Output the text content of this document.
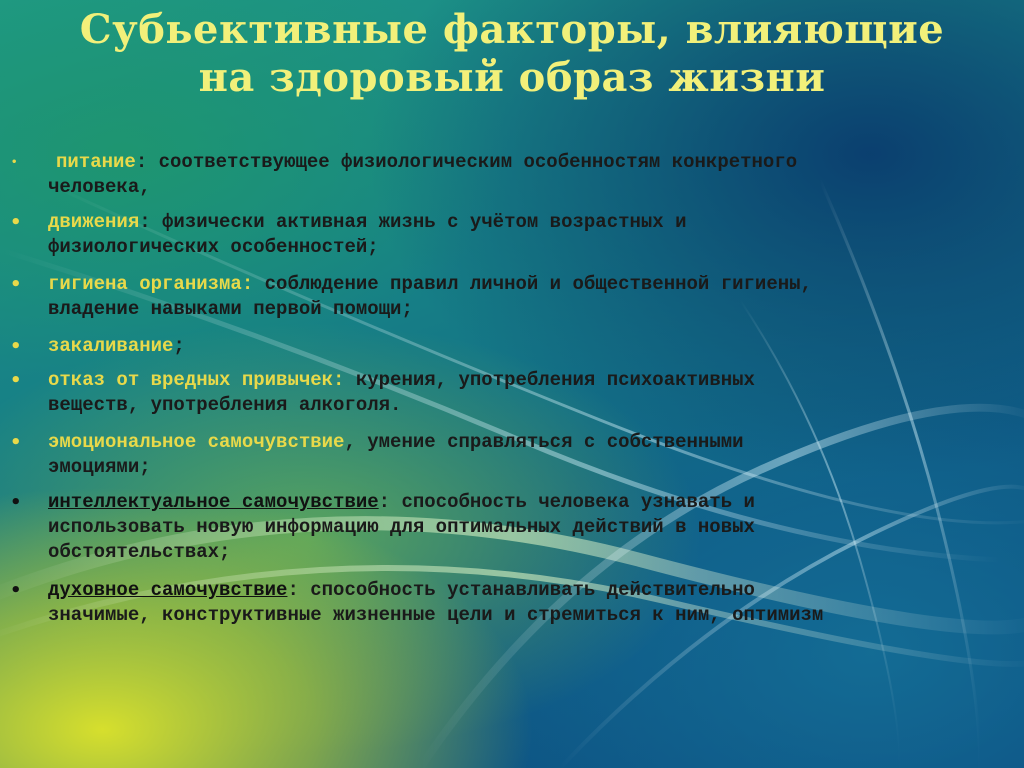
Субьективные факторы, влияющие
на здоровый образ жизни
• питание: соответствующее физиологическим особенностям конкретного
человека,
• движения: физически активная жизнь с учётом возрастных и
физиологических особенностей;
• гигиена организма: соблюдение правил личной и общественной гигиены,
владение навыками первой помощи;
• закаливание;
• отказ от вредных привычек: курения, употребления психоактивных
веществ, употребления алкоголя.
• эмоциональное самочувствие, умение справляться с собственными
эмоциями;
• интеллектуальное самочувствие: способность человека узнавать и
использовать новую информацию для оптимальных действий в новых
обстоятельствах;
• духовное самочувствие: способность устанавливать действительно
значимые, конструктивные жизненные цели и стремиться к ним, оптимизм
